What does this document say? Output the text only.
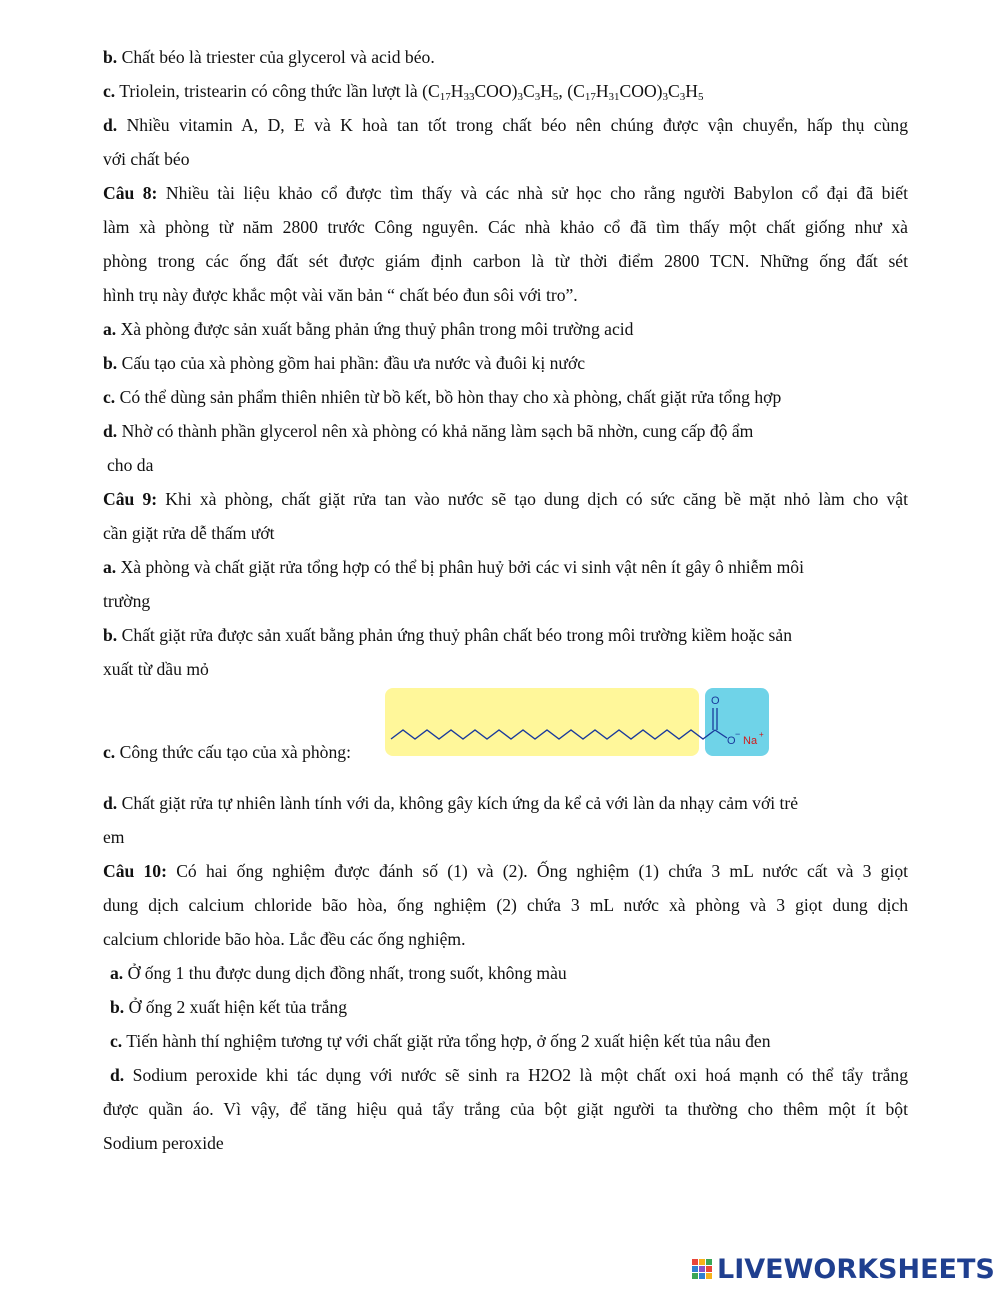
b. Chất béo là triester của glycerol và acid béo.
c. Triolein, tristearin có công thức lần lượt là $(C_{17}H_{33}COO)_3C_3H_5$, $(C_{17}H_{31}COO)_3C_3H_5$
d. Nhiều vitamin A, D, E và K hoà tan tốt trong chất béo nên chúng được vận chuyển, hấp thụ cùng
với chất béo
Câu 8: Nhiều tài liệu khảo cổ được tìm thấy và các nhà sử học cho rằng người Babylon cổ đại đã biết
làm xà phòng từ năm 2800 trước Công nguyên. Các nhà khảo cổ đã tìm thấy một chất giống như xà
phòng trong các ống đất sét được giám định carbon là từ thời điểm 2800 TCN. Những ống đất sét
hình trụ này được khắc một vài văn bản “ chất béo đun sôi với tro”.
a. Xà phòng được sản xuất bằng phản ứng thuỷ phân trong môi trường acid
b. Cấu tạo của xà phòng gồm hai phần: đầu ưa nước và đuôi kị nước
c. Có thể dùng sản phẩm thiên nhiên từ bồ kết, bồ hòn thay cho xà phòng, chất giặt rửa tổng hợp
d. Nhờ có thành phần glycerol nên xà phòng có khả năng làm sạch bã nhờn, cung cấp độ ẩm
cho da
Câu 9: Khi xà phòng, chất giặt rửa tan vào nước sẽ tạo dung dịch có sức căng bề mặt nhỏ làm cho vật
cần giặt rửa dễ thấm ướt
a. Xà phòng và chất giặt rửa tổng hợp có thể bị phân huỷ bởi các vi sinh vật nên ít gây ô nhiễm môi
trường
b. Chất giặt rửa được sản xuất bằng phản ứng thuỷ phân chất béo trong môi trường kiềm hoặc sản
xuất từ dầu mỏ
c. Công thức cấu tạo của xà phòng:
O
O
−
Na
+
d. Chất giặt rửa tự nhiên lành tính với da, không gây kích ứng da kể cả với làn da nhạy cảm với trẻ
em
Câu 10: Có hai ống nghiệm được đánh số (1) và (2). Ống nghiệm (1) chứa 3 mL nước cất và 3 giọt
dung dịch calcium chloride bão hòa, ống nghiệm (2) chứa 3 mL nước xà phòng và 3 giọt dung dịch
calcium chloride bão hòa. Lắc đều các ống nghiệm.
a. Ở ống 1 thu được dung dịch đồng nhất, trong suốt, không màu
b. Ở ống 2 xuất hiện kết tủa trắng
c. Tiến hành thí nghiệm tương tự với chất giặt rửa tổng hợp, ở ống 2 xuất hiện kết tủa nâu đen
d. Sodium peroxide khi tác dụng với nước sẽ sinh ra H2O2 là một chất oxi hoá mạnh có thể tẩy trắng
được quần áo. Vì vậy, để tăng hiệu quả tẩy trắng của bột giặt người ta thường cho thêm một ít bột
Sodium peroxide
LIVEWORKSHEETS
